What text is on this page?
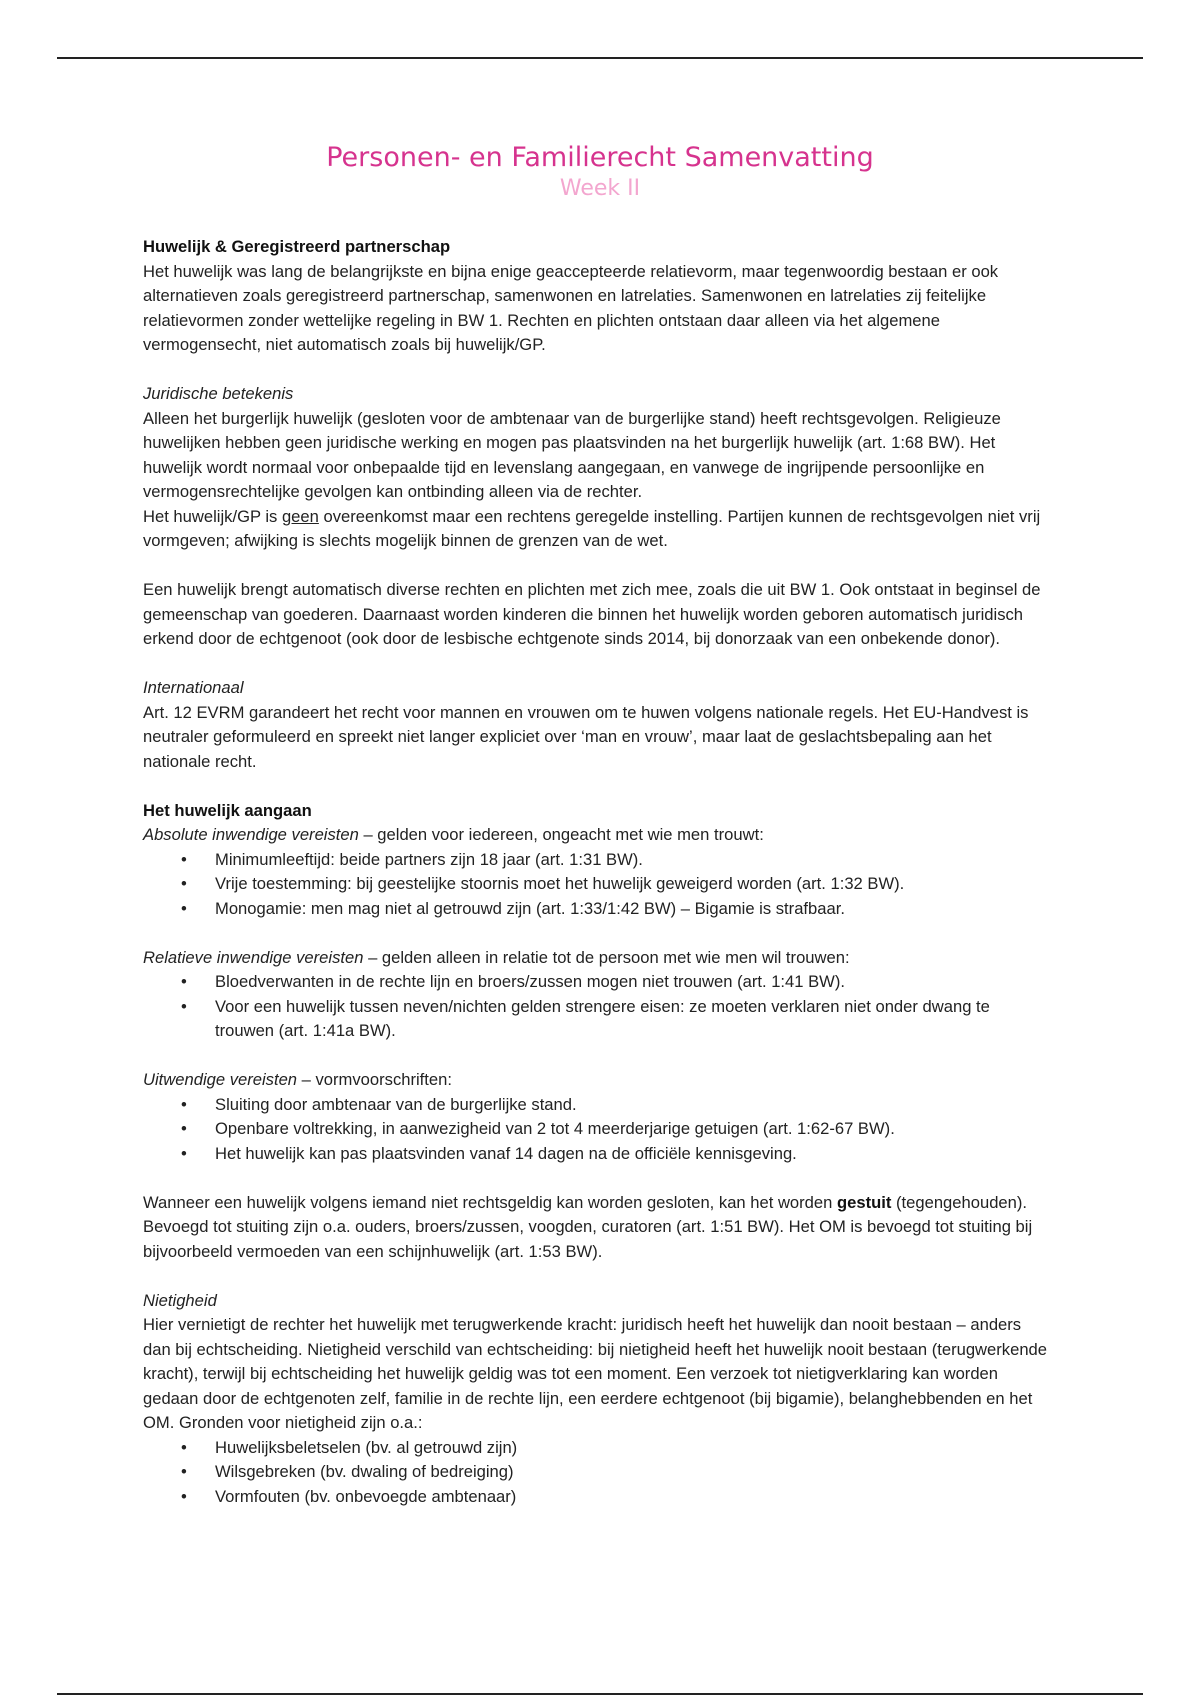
Personen- en Familierecht Samenvatting
Week II

Huwelijk & Geregistreerd partnerschap

Het huwelijk was lang de belangrijkste en bijna enige geaccepteerde relatievorm, maar tegenwoordig bestaan er ook alternatieven zoals geregistreerd partnerschap, samenwonen en latrelaties. Samenwonen en latrelaties zij feitelijke relatievormen zonder wettelijke regeling in BW 1. Rechten en plichten ontstaan daar alleen via het algemene vermogensecht, niet automatisch zoals bij huwelijk/GP.

Juridische betekenis

Alleen het burgerlijk huwelijk (gesloten voor de ambtenaar van de burgerlijke stand) heeft rechtsgevolgen. Religieuze huwelijken hebben geen juridische werking en mogen pas plaatsvinden na het burgerlijk huwelijk (art. 1:68 BW). Het huwelijk wordt normaal voor onbepaalde tijd en levenslang aangegaan, en vanwege de ingrijpende persoonlijke en vermogensrechtelijke gevolgen kan ontbinding alleen via de rechter.

Het huwelijk/GP is geen overeenkomst maar een rechtens geregelde instelling. Partijen kunnen de rechtsgevolgen niet vrij vormgeven; afwijking is slechts mogelijk binnen de grenzen van de wet.

Een huwelijk brengt automatisch diverse rechten en plichten met zich mee, zoals die uit BW 1. Ook ontstaat in beginsel de gemeenschap van goederen. Daarnaast worden kinderen die binnen het huwelijk worden geboren automatisch juridisch erkend door de echtgenoot (ook door de lesbische echtgenote sinds 2014, bij donorzaak van een onbekende donor).

Internationaal

Art. 12 EVRM garandeert het recht voor mannen en vrouwen om te huwen volgens nationale regels. Het EU-Handvest is neutraler geformuleerd en spreekt niet langer expliciet over ‘man en vrouw’, maar laat de geslachtsbepaling aan het nationale recht.

Het huwelijk aangaan

Absolute inwendige vereisten – gelden voor iedereen, ongeacht met wie men trouwt:

• Minimumleeftijd: beide partners zijn 18 jaar (art. 1:31 BW).
• Vrije toestemming: bij geestelijke stoornis moet het huwelijk geweigerd worden (art. 1:32 BW).
• Monogamie: men mag niet al getrouwd zijn (art. 1:33/1:42 BW) – Bigamie is strafbaar.

Relatieve inwendige vereisten – gelden alleen in relatie tot de persoon met wie men wil trouwen:

• Bloedverwanten in de rechte lijn en broers/zussen mogen niet trouwen (art. 1:41 BW).
• Voor een huwelijk tussen neven/nichten gelden strengere eisen: ze moeten verklaren niet onder dwang te trouwen (art. 1:41a BW).

Uitwendige vereisten – vormvoorschriften:

• Sluiting door ambtenaar van de burgerlijke stand.
• Openbare voltrekking, in aanwezigheid van 2 tot 4 meerderjarige getuigen (art. 1:62-67 BW).
• Het huwelijk kan pas plaatsvinden vanaf 14 dagen na de officiële kennisgeving.

Wanneer een huwelijk volgens iemand niet rechtsgeldig kan worden gesloten, kan het worden gestuit (tegengehouden). Bevoegd tot stuiting zijn o.a. ouders, broers/zussen, voogden, curatoren (art. 1:51 BW). Het OM is bevoegd tot stuiting bij bijvoorbeeld vermoeden van een schijnhuwelijk (art. 1:53 BW).

Nietigheid

Hier vernietigt de rechter het huwelijk met terugwerkende kracht: juridisch heeft het huwelijk dan nooit bestaan – anders dan bij echtscheiding. Nietigheid verschild van echtscheiding: bij nietigheid heeft het huwelijk nooit bestaan (terugwerkende kracht), terwijl bij echtscheiding het huwelijk geldig was tot een moment. Een verzoek tot nietigverklaring kan worden gedaan door de echtgenoten zelf, familie in de rechte lijn, een eerdere echtgenoot (bij bigamie), belanghebbenden en het OM. Gronden voor nietigheid zijn o.a.:

• Huwelijksbeletselen (bv. al getrouwd zijn)
• Wilsgebreken (bv. dwaling of bedreiging)
• Vormfouten (bv. onbevoegde ambtenaar)
